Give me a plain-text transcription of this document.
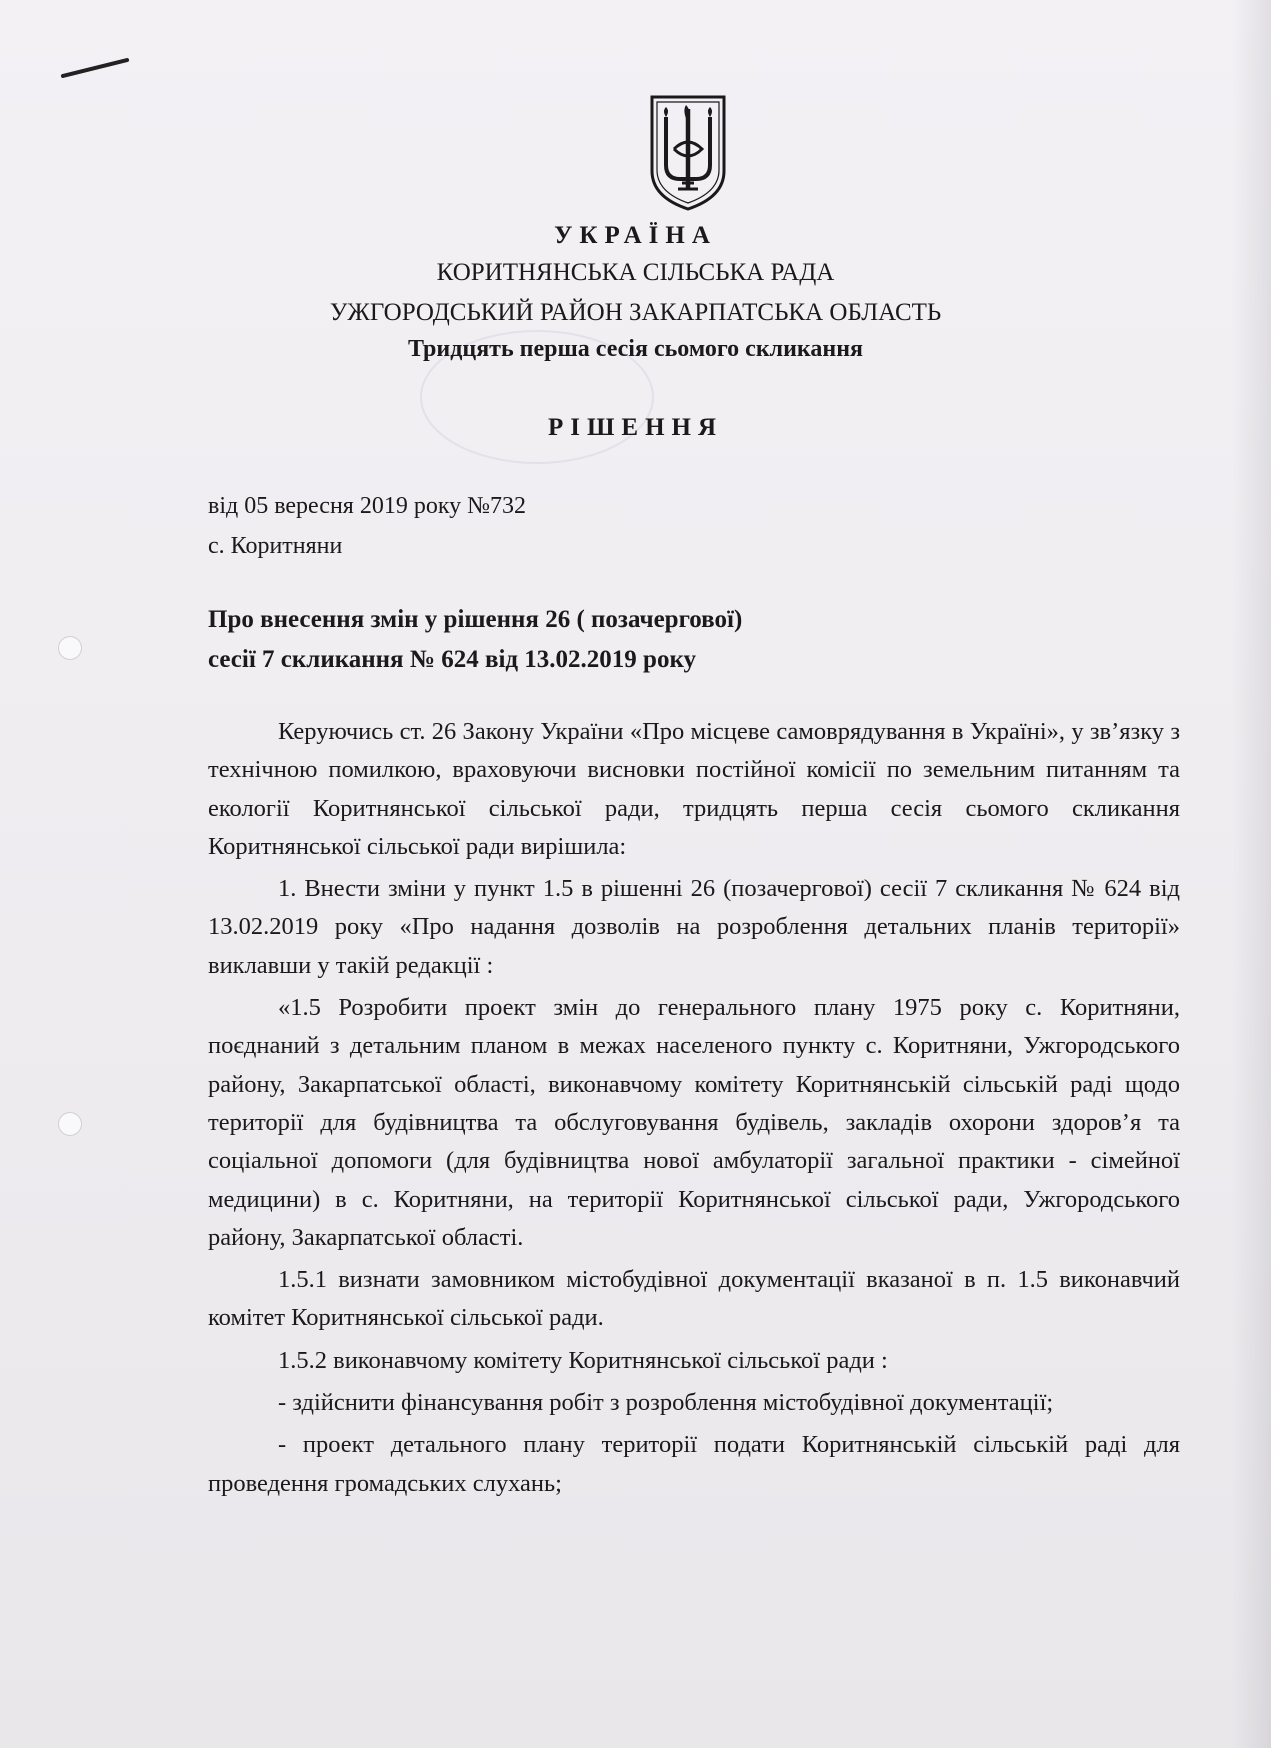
УКРАЇНА
КОРИТНЯНСЬКА СІЛЬСЬКА РАДА
УЖГОРОДСЬКИЙ РАЙОН ЗАКАРПАТСЬКА ОБЛАСТЬ
Тридцять перша сесія сьомого скликання
РІШЕННЯ
від 05 вересня 2019 року №732
с. Коритняни
Про внесення змін у рішення 26 ( позачергової)
сесії 7 скликання № 624 від 13.02.2019 року

Керуючись ст. 26 Закону України «Про місцеве самоврядування в Україні», у зв’язку з технічною помилкою, враховуючи висновки постійної комісії по земельним питанням та екології Коритнянської сільської ради, тридцять перша сесія сьомого скликання Коритнянської сільської ради вирішила:

1. Внести зміни у пункт 1.5 в рішенні 26 (позачергової) сесії 7 скликання № 624 від 13.02.2019 року «Про надання дозволів на розроблення детальних планів території» виклавши у такій редакції :

«1.5 Розробити проект змін до генерального плану 1975 року с. Коритняни, поєднаний з детальним планом в межах населеного пункту с. Коритняни, Ужгородського району, Закарпатської області, виконавчому комітету Коритнянській сільській раді щодо території для будівництва та обслуговування будівель, закладів охорони здоров’я та соціальної допомоги (для будівництва нової амбулаторії загальної практики - сімейної медицини) в с. Коритняни, на території Коритнянської сільської ради, Ужгородського району, Закарпатської області.

1.5.1 визнати замовником містобудівної документації вказаної в п. 1.5 виконавчий комітет Коритнянської сільської ради.

1.5.2 виконавчому комітету Коритнянської сільської ради :

- здійснити фінансування робіт з розроблення містобудівної документації;

- проект детального плану території подати Коритнянській сільській раді для проведення громадських слухань;
